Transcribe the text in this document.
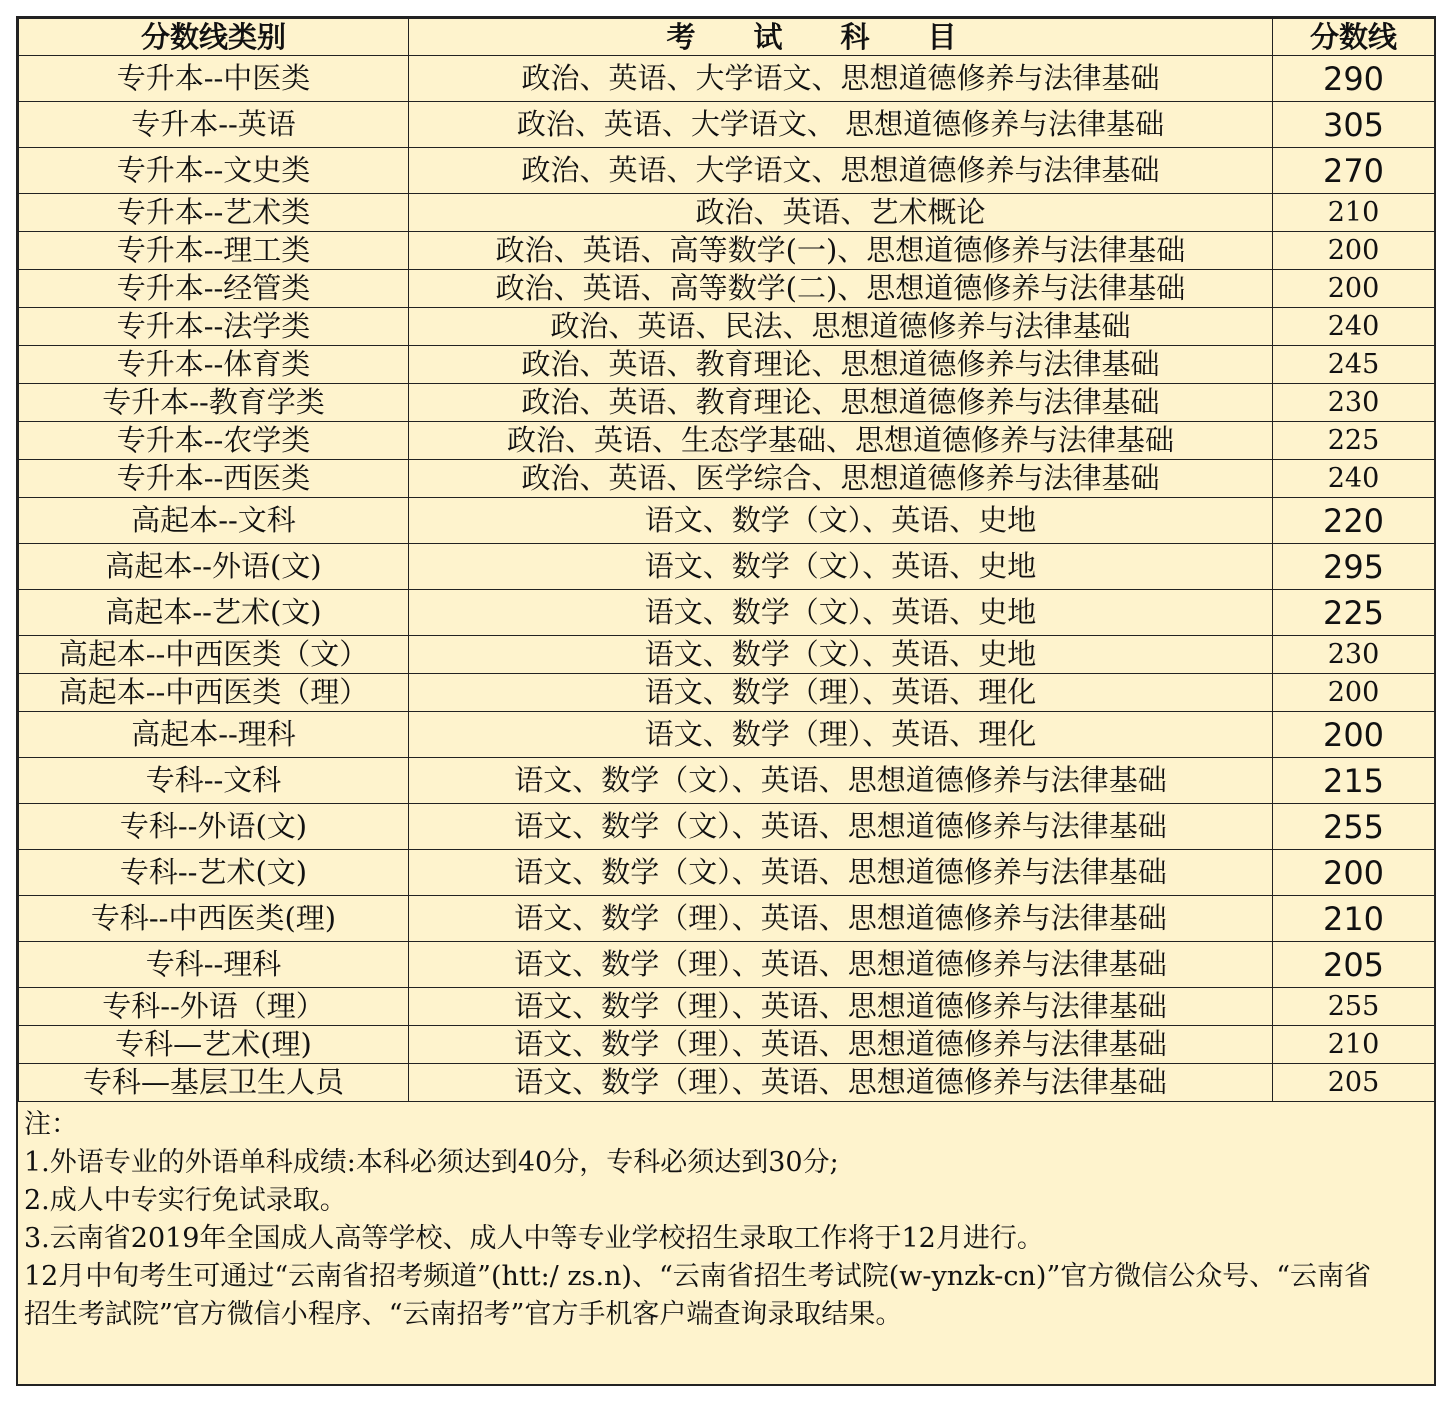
分数线类别	考试科目	分数线
专升本--中医类	政治、英语、大学语文、思想道德修养与法律基础	290
专升本--英语	政治、英语、大学语文、 思想道德修养与法律基础	305
专升本--文史类	政治、英语、大学语文、思想道德修养与法律基础	270
专升本--艺术类	政治、英语、艺术概论	210
专升本--理工类	政治、英语、高等数学(一)、思想道德修养与法律基础	200
专升本--经管类	政治、英语、高等数学(二)、思想道德修养与法律基础	200
专升本--法学类	政治、英语、民法、思想道德修养与法律基础	240
专升本--体育类	政治、英语、教育理论、思想道德修养与法律基础	245
专升本--教育学类	政治、英语、教育理论、思想道德修养与法律基础	230
专升本--农学类	政治、英语、生态学基础、思想道德修养与法律基础	225
专升本--西医类	政治、英语、医学综合、思想道德修养与法律基础	240
高起本--文科	语文、数学（文）、英语、史地	220
高起本--外语(文)	语文、数学（文）、英语、史地	295
高起本--艺术(文)	语文、数学（文）、英语、史地	225
高起本--中西医类（文）	语文、数学（文）、英语、史地	230
高起本--中西医类（理）	语文、数学（理）、英语、理化	200
高起本--理科	语文、数学（理）、英语、理化	200
专科--文科	语文、数学（文）、英语、思想道德修养与法律基础	215
专科--外语(文)	语文、数学（文）、英语、思想道德修养与法律基础	255
专科--艺术(文)	语文、数学（文）、英语、思想道德修养与法律基础	200
专科--中西医类(理)	语文、数学（理）、英语、思想道德修养与法律基础	210
专科--理科	语文、数学（理）、英语、思想道德修养与法律基础	205
专科--外语（理）	语文、数学（理）、英语、思想道德修养与法律基础	255
专科—艺术(理)	语文、数学（理）、英语、思想道德修养与法律基础	210
专科—基层卫生人员	语文、数学（理）、英语、思想道德修养与法律基础	205
注：
1.外语专业的外语单科成绩:本科必须达到40分，专科必须达到30分;
2.成人中专实行免试录取。
3.云南省2019年全国成人高等学校、成人中等专业学校招生录取工作将于12月进行。
12月中旬考生可通过“云南省招考频道”(htt:/ zs.n)、“云南省招生考试院(w-ynzk-cn)”官方微信公众号、“云南省招生考試院”官方微信小程序、“云南招考”官方手机客户端查询录取结果。
